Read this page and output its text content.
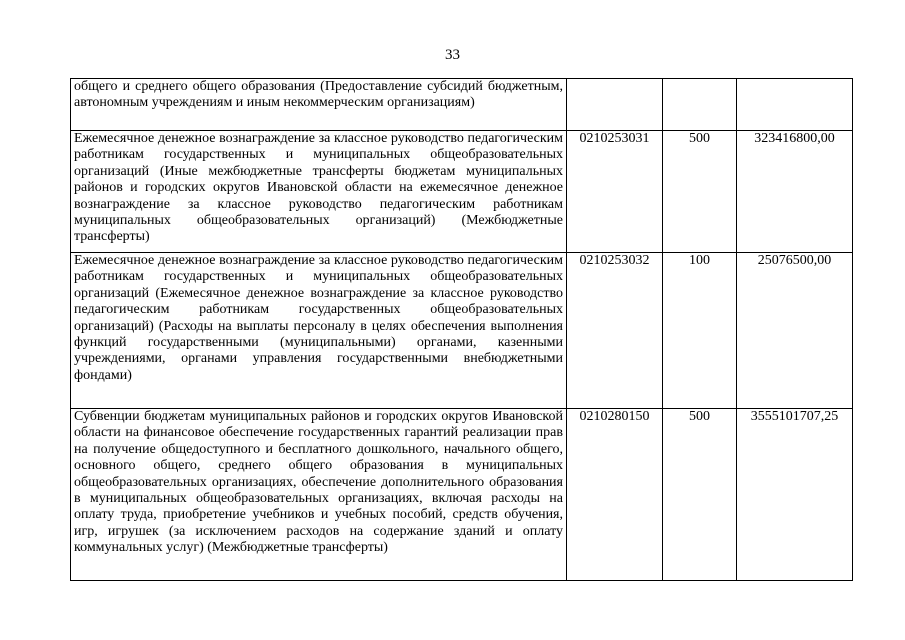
33
общего и среднего общего образования (Предоставление субсидий бюджетным, автономным учреждениям и иным некоммерческим организациям)			

Ежемесячное денежное вознаграждение за классное руководство педагогическим работникам государственных и муниципальных общеобразовательных организаций (Иные межбюджетные трансферты бюджетам муниципальных районов и городских округов Ивановской области на ежемесячное денежное вознаграждение за классное руководство педагогическим работникам муниципальных общеобразовательных организаций) (Межбюджетные трансферты)	0210253031	500	323416800,00

Ежемесячное денежное вознаграждение за классное руководство педагогическим работникам государственных и муниципальных общеобразовательных организаций (Ежемесячное денежное вознаграждение за классное руководство педагогическим работникам государственных общеобразовательных организаций) (Расходы на выплаты персоналу в целях обеспечения выполнения функций государственными (муниципальными) органами, казенными учреждениями, органами управления государственными внебюджетными фондами)	0210253032	100	25076500,00

Субвенции бюджетам муниципальных районов и городских округов Ивановской области на финансовое обеспечение государственных гарантий реализации прав на получение общедоступного и бесплатного дошкольного, начального общего, основного общего, среднего общего образования в муниципальных общеобразовательных организациях, обеспечение дополнительного образования в муниципальных общеобразовательных организациях, включая расходы на оплату труда, приобретение учебников и учебных пособий, средств обучения, игр, игрушек (за исключением расходов на содержание зданий и оплату коммунальных услуг) (Межбюджетные трансферты)	0210280150	500	3555101707,25
